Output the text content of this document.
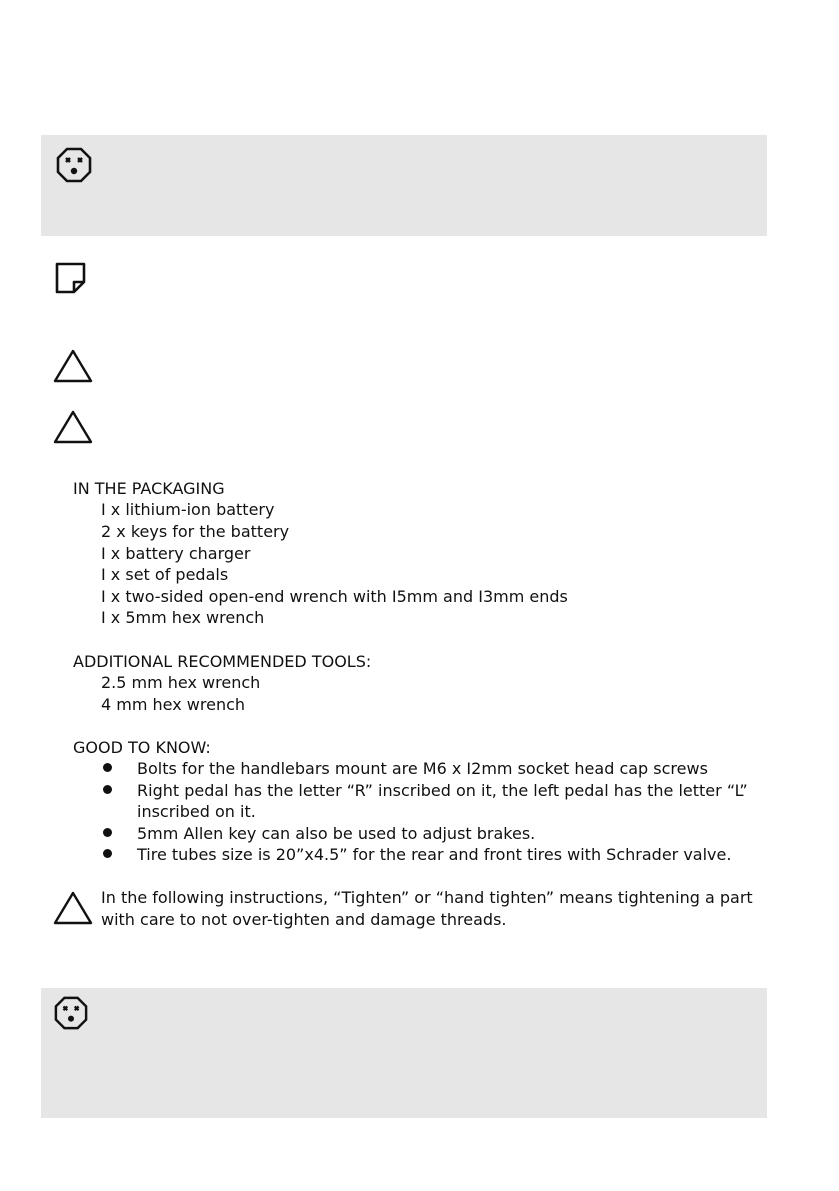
IN THE PACKAGING
I x lithium-ion battery
2 x keys for the battery
I x battery charger
I x set of pedals
I x two-sided open-end wrench with I5mm and I3mm ends
I x 5mm hex wrench
ADDITIONAL RECOMMENDED TOOLS:
2.5 mm hex wrench
4 mm hex wrench
GOOD TO KNOW:
Bolts for the handlebars mount are M6 x I2mm socket head cap screws
Right pedal has the letter “R” inscribed on it, the left pedal has the letter “L” inscribed on it.
5mm Allen key can also be used to adjust brakes.
Tire tubes size is 20”x4.5” for the rear and front tires with Schrader valve.
In the following instructions, “Tighten” or “hand tighten” means tightening a part with care to not over-tighten and damage threads.
